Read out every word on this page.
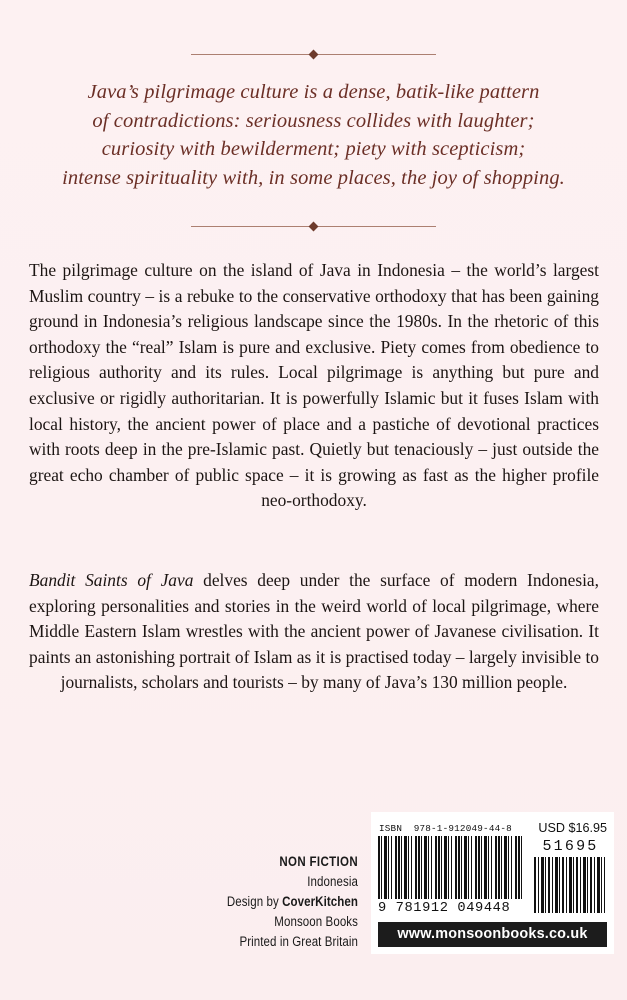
Java’s pilgrimage culture is a dense, batik-like pattern
of contradictions: seriousness collides with laughter;
curiosity with bewilderment; piety with scepticism;
intense spirituality with, in some places, the joy of shopping.
The pilgrimage culture on the island of Java in Indonesia – the world’s largest Muslim country – is a rebuke to the conservative orthodoxy that has been gaining ground in Indonesia’s religious landscape since the 1980s. In the rhetoric of this orthodoxy the “real” Islam is pure and exclusive. Piety comes from obedience to religious authority and its rules. Local pilgrimage is anything but pure and exclusive or rigidly authoritarian. It is powerfully Islamic but it fuses Islam with local history, the ancient power of place and a pastiche of devotional practices with roots deep in the pre-Islamic past. Quietly but tenaciously – just outside the great echo chamber of public space – it is growing as fast as the higher profile neo-orthodoxy.
Bandit Saints of Java delves deep under the surface of modern Indonesia, exploring personalities and stories in the weird world of local pilgrimage, where Middle Eastern Islam wrestles with the ancient power of Javanese civilisation. It paints an astonishing portrait of Islam as it is practised today – largely invisible to journalists, scholars and tourists – by many of Java’s 130 million people.
NON FICTION
Indonesia
Design by CoverKitchen
Monsoon Books
Printed in Great Britain
ISBN 978-1-912049-44-8
9 781912 049448
USD $16.95
51695
www.monsoonbooks.co.uk
